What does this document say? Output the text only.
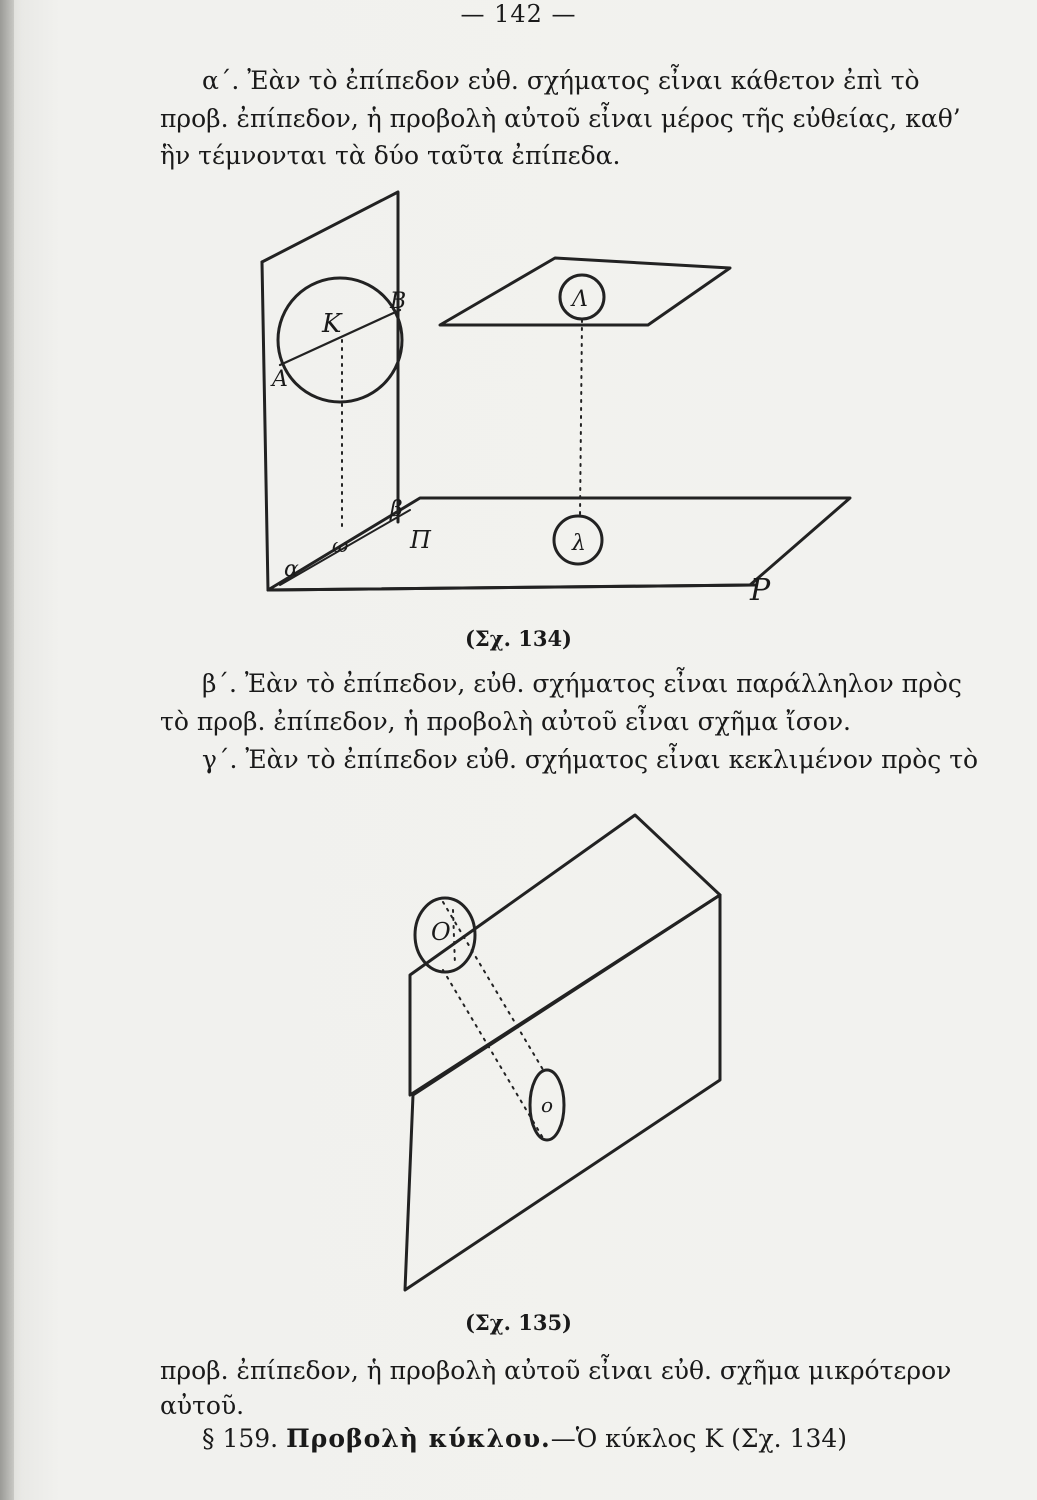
— 142 —

α΄. Ἐὰν τὸ ἐπίπεδον εὐθ. σχήματος εἶναι κάθετον ἐπὶ τὸ

προβ. ἐπίπεδον, ἡ προβολὴ αὐτοῦ εἶναι μέρος τῆς εὐθείας, καθ’

ἣν τέμνονται τὰ δύο ταῦτα ἐπίπεδα.

K
A
B	Λ
λ
α
ω
β
Π
P
(Σχ. 134)

β΄. Ἐὰν τὸ ἐπίπεδον, εὐθ. σχήματος εἶναι παράλληλον πρὸς

τὸ προβ. ἐπίπεδον, ἡ προβολὴ αὐτοῦ εἶναι σχῆμα ἴσον.

γ΄. Ἐὰν τὸ ἐπίπεδον εὐθ. σχήματος εἶναι κεκλιμένον πρὸς τὸ

O
o
(Σχ. 135)

προβ. ἐπίπεδον, ἡ προβολὴ αὐτοῦ εἶναι εὐθ. σχῆμα μικρότερον

αὐτοῦ.

§ 159. Προβολὴ κύκλου.—Ὁ κύκλος K (Σχ. 134)
